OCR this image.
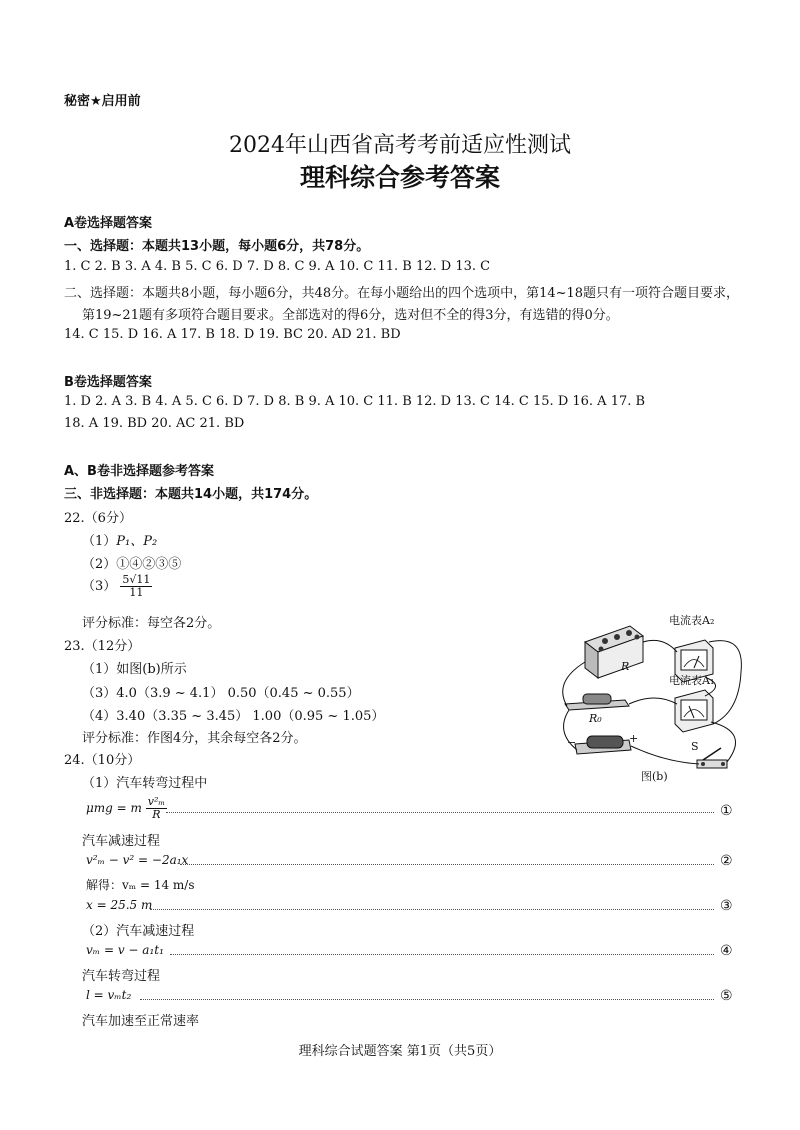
秘密★启用前
2024年山西省高考考前适应性测试
理科综合参考答案
A卷选择题答案
一、选择题：本题共13小题，每小题6分，共78分。
1. C 2. B 3. A 4. B 5. C 6. D 7. D 8. C 9. A 10. C 11. B 12. D 13. C
二、选择题：本题共8小题，每小题6分，共48分。在每小题给出的四个选项中，第14~18题只有一项符合题目要求，
第19~21题有多项符合题目要求。全部选对的得6分，选对但不全的得3分，有选错的得0分。
14. C 15. D 16. A 17. B 18. D 19. BC 20. AD 21. BD
B卷选择题答案
1. D 2. A 3. B 4. A 5. C 6. D 7. D 8. B 9. A 10. C 11. B 12. D 13. C 14. C 15. D 16. A 17. B
18. A 19. BD 20. AC 21. BD
A、B卷非选择题参考答案
三、非选择题：本题共14小题，共174分。
22.（6分）
（1）P₁、P₂
（2）①④②③⑤
$(3) \frac{5√11}{11}$
评分标准：每空各2分。
23.（12分）
（1）如图(b)所示
（3）4.0（3.9 ~ 4.1） 0.50（0.45 ~ 0.55）
（4）3.40（3.35 ~ 3.45） 1.00（0.95 ~ 1.05）
评分标准：作图4分，其余每空各2分。
电流表A₂
电流表A₁
R
R₀
−	+
S
图(b)
24.（10分）
（1）汽车转弯过程中
μmg = m $\frac{\text{v²ₘ}}{R}$	①
汽车减速过程
v²ₘ − v² = −2a₁x	②
解得：vₘ = 14 m/s
x = 25.5 m	③
（2）汽车减速过程
vₘ = v − a₁t₁	④
汽车转弯过程
l = vₘt₂	⑤
汽车加速至正常速率
理科综合试题答案 第1页（共5页）
